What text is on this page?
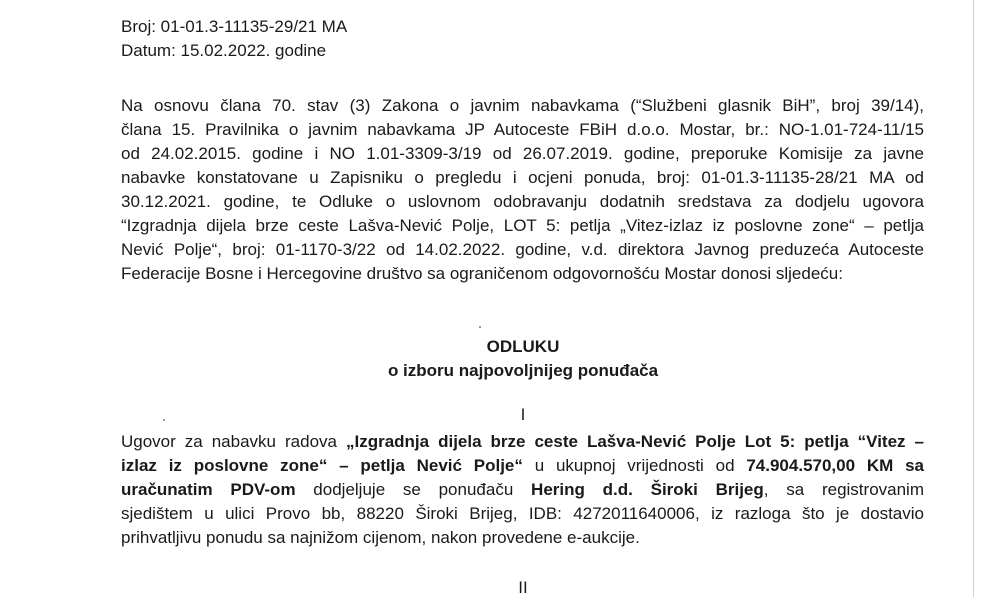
Broj: 01-01.3-11135-29/21 MA
Datum: 15.02.2022. godine
Na osnovu člana 70. stav (3) Zakona o javnim nabavkama (“Službeni glasnik BiH”, broj 39/14),
člana 15. Pravilnika o javnim nabavkama JP Autoceste FBiH d.o.o. Mostar, br.: NO-1.01-724-11/15
od 24.02.2015. godine i NO 1.01-3309-3/19 od 26.07.2019. godine, preporuke Komisije za javne
nabavke konstatovane u Zapisniku o pregledu i ocjeni ponuda, broj: 01-01.3-11135-28/21 MA od
30.12.2021. godine, te Odluke o uslovnom odobravanju dodatnih sredstava za dodjelu ugovora
“Izgradnja dijela brze ceste Lašva-Nević Polje, LOT 5: petlja „Vitez-izlaz iz poslovne zone“ – petlja
Nević Polje“, broj: 01-1170-3/22 od 14.02.2022. godine, v.d. direktora Javnog preduzeća Autoceste
Federacije Bosne i Hercegovine društvo sa ograničenom odgovornošću Mostar donosi sljedeću:
ODLUKU
o izboru najpovoljnijeg ponuđača
I
Ugovor za nabavku radova „Izgradnja dijela brze ceste Lašva-Nević Polje Lot 5: petlja “Vitez –
izlaz iz poslovne zone“ – petlja Nević Polje“ u ukupnoj vrijednosti od 74.904.570,00 KM sa
uračunatim PDV-om dodjeljuje se ponuđaču Hering d.d. Široki Brijeg, sa registrovanim
sjedištem u ulici Provo bb, 88220 Široki Brijeg, IDB: 4272011640006, iz razloga što je dostavio
prihvatljivu ponudu sa najnižom cijenom, nakon provedene e-aukcije.
II
